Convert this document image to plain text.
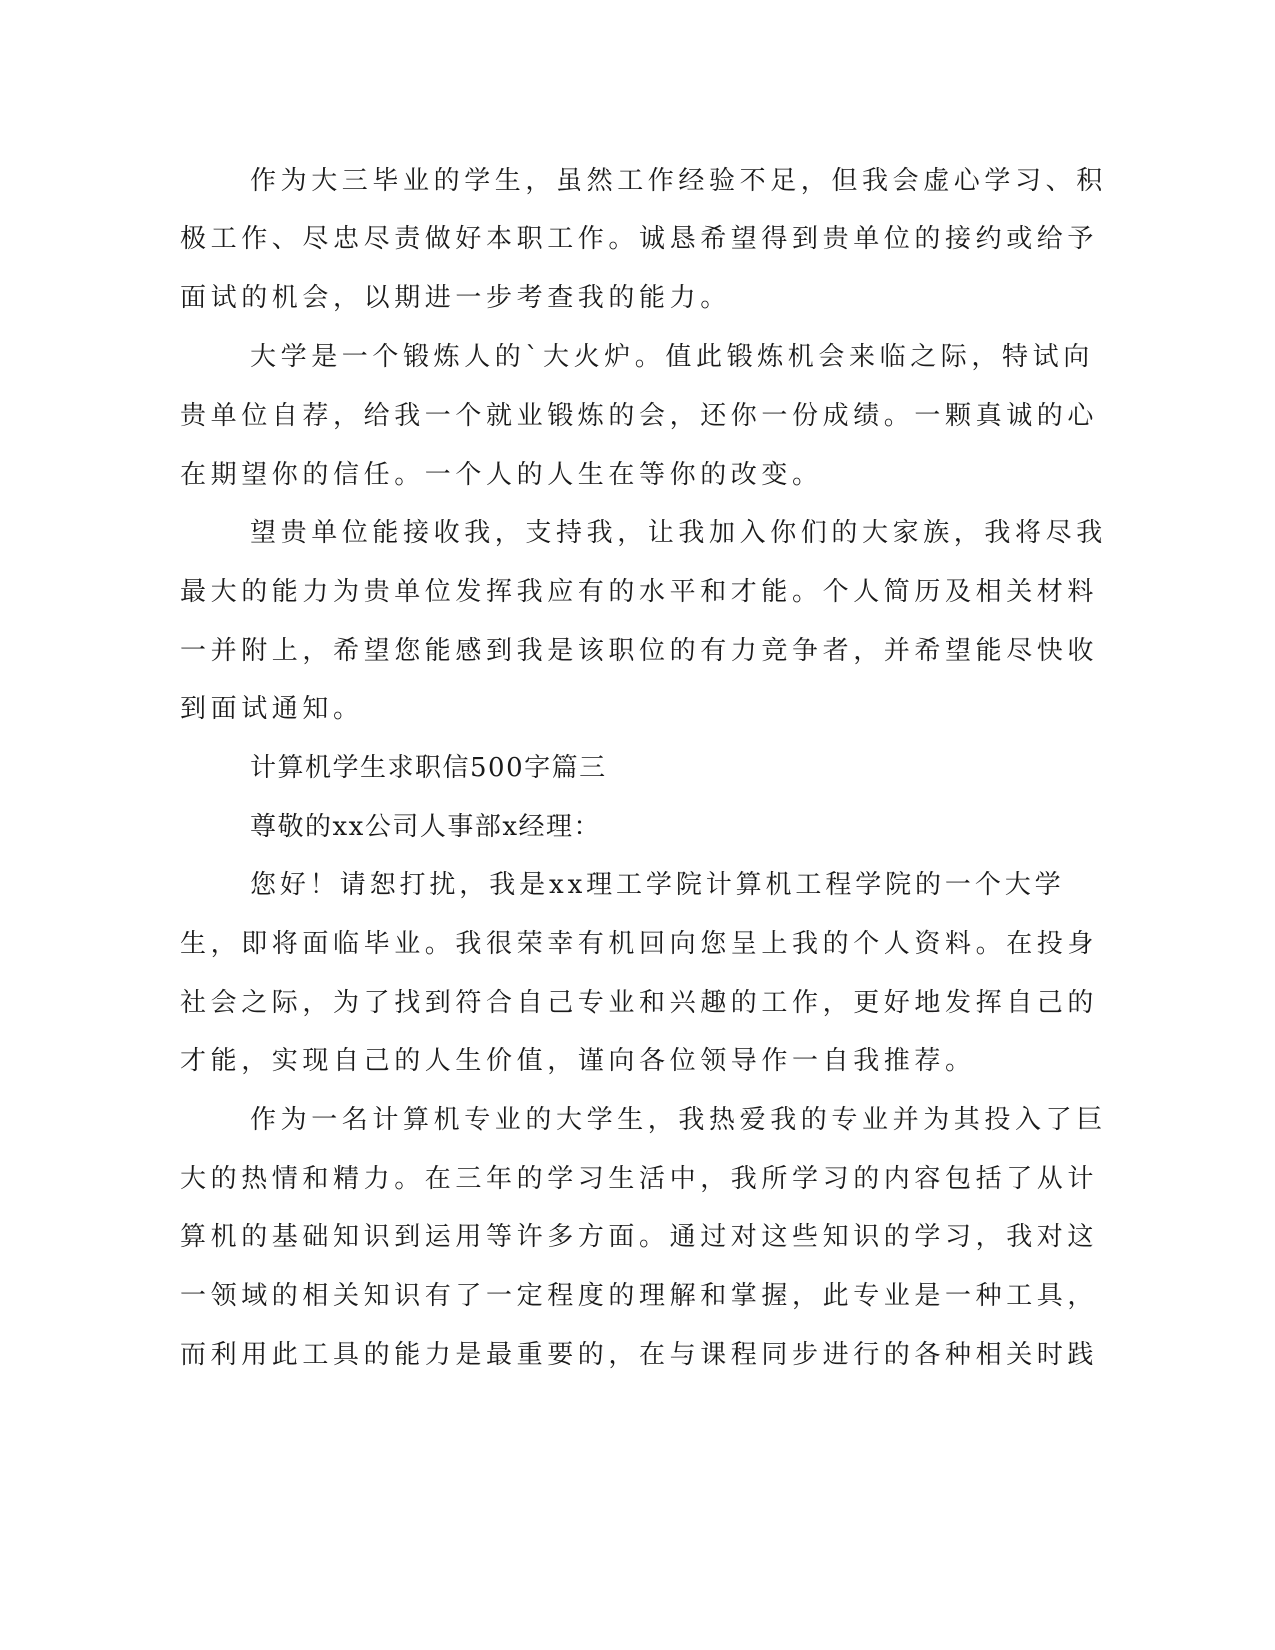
作为大三毕业的学生，虽然工作经验不足，但我会虚心学习、积
极工作、尽忠尽责做好本职工作。诚恳希望得到贵单位的接约或给予
面试的机会，以期进一步考查我的能力。
大学是一个锻炼人的`大火炉。值此锻炼机会来临之际，特试向
贵单位自荐，给我一个就业锻炼的会，还你一份成绩。一颗真诚的心
在期望你的信任。一个人的人生在等你的改变。
望贵单位能接收我，支持我，让我加入你们的大家族，我将尽我
最大的能力为贵单位发挥我应有的水平和才能。个人简历及相关材料
一并附上，希望您能感到我是该职位的有力竞争者，并希望能尽快收
到面试通知。
计算机学生求职信500字篇三
尊敬的xx公司人事部x经理：
您好！请恕打扰，我是xx理工学院计算机工程学院的一个大学
生，即将面临毕业。我很荣幸有机回向您呈上我的个人资料。在投身
社会之际，为了找到符合自己专业和兴趣的工作，更好地发挥自己的
才能，实现自己的人生价值，谨向各位领导作一自我推荐。
作为一名计算机专业的大学生，我热爱我的专业并为其投入了巨
大的热情和精力。在三年的学习生活中，我所学习的内容包括了从计
算机的基础知识到运用等许多方面。通过对这些知识的学习，我对这
一领域的相关知识有了一定程度的理解和掌握，此专业是一种工具，
而利用此工具的能力是最重要的，在与课程同步进行的各种相关时践
